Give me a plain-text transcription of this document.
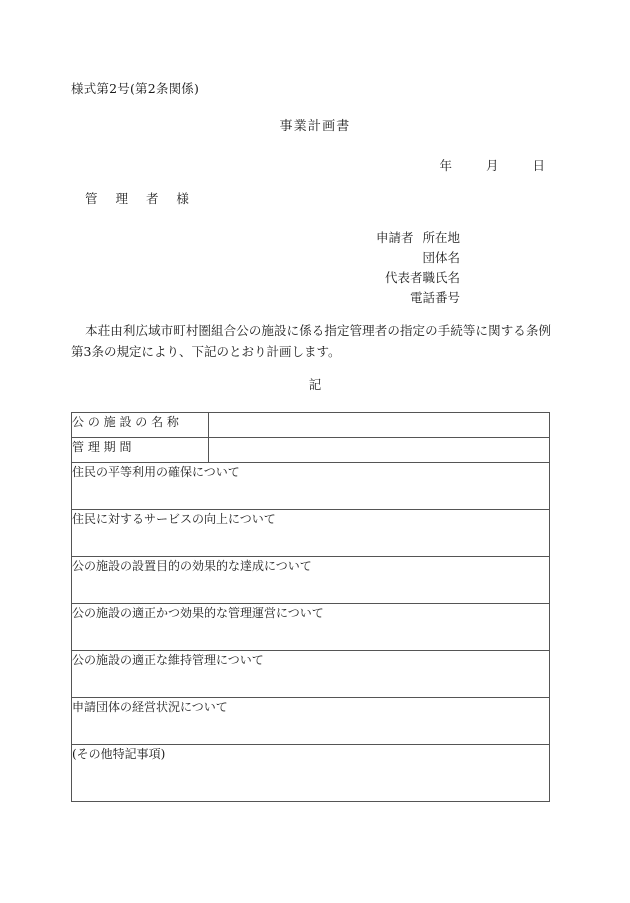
様式第2号(第2条関係)
事業計画書
年	月	日
管 理 者 様
申請者 所在地
団体名
代表者職氏名
電話番号
本荘由利広域市町村圏組合公の施設に係る指定管理者の指定の手続等に関する条例第3条の規定により、下記のとおり計画します。
記
公 の 施 設 の 名 称	

管 理 期 間	

住民の平等利用の確保について	
住民に対するサービスの向上について	
公の施設の設置目的の効果的な達成について	
公の施設の適正かつ効果的な管理運営について	
公の施設の適正な維持管理について	
申請団体の経営状況について	
(その他特記事項)	
